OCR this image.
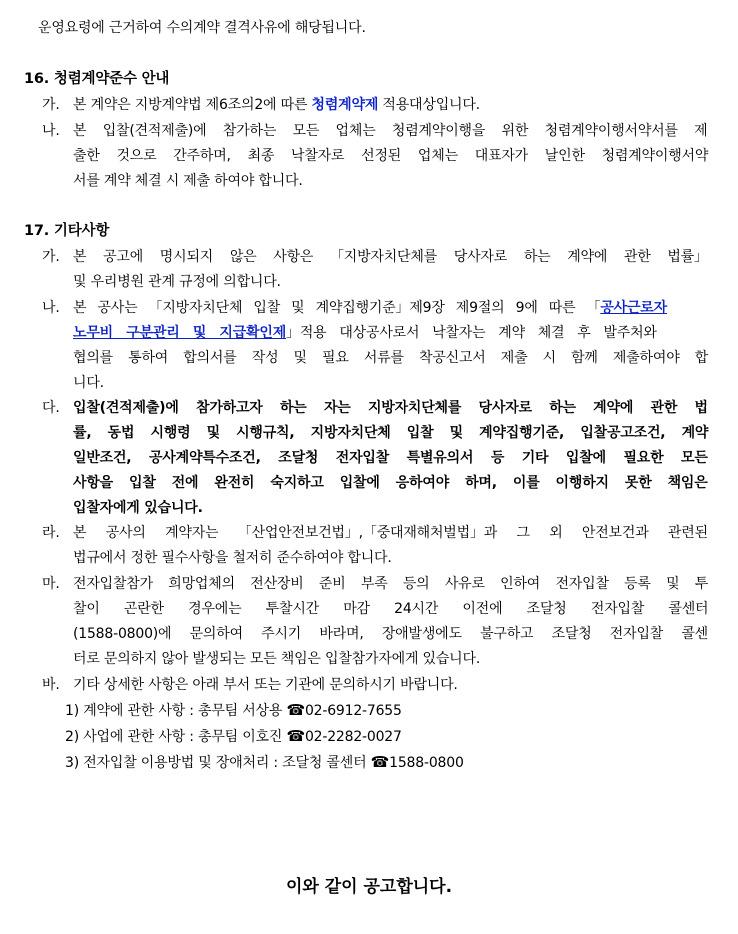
운영요령에 근거하여 수의계약 결격사유에 해당됩니다.
16. 청렴계약준수 안내
가. 본 계약은 지방계약법 제6조의2에 따른 청렴계약제 적용대상입니다.
나. 본 입찰(견적제출)에 참가하는 모든 업체는 청렴계약이행을 위한 청렴계약이행서약서를 제
출한 것으로 간주하며, 최종 낙찰자로 선정된 업체는 대표자가 날인한 청렴계약이행서약
서를 계약 체결 시 제출 하여야 합니다.
17. 기타사항
가. 본 공고에 명시되지 않은 사항은 「지방자치단체를 당사자로 하는 계약에 관한 법률」
및 우리병원 관계 규정에 의합니다.
나. 본 공사는 「지방자치단체 입찰 및 계약집행기준」제9장 제9절의 9에 따른 「공사근로자
노무비 구분관리 및 지급확인제」적용 대상공사로서 낙찰자는 계약 체결 후 발주처와
협의를 통하여 합의서를 작성 및 필요 서류를 착공신고서 제출 시 함께 제출하여야 합
니다.
다. 입찰(견적제출)에 참가하고자 하는 자는 지방자치단체를 당사자로 하는 계약에 관한 법
률, 동법 시행령 및 시행규칙, 지방자치단체 입찰 및 계약집행기준, 입찰공고조건, 계약
일반조건, 공사계약특수조건, 조달청 전자입찰 특별유의서 등 기타 입찰에 필요한 모든
사항을 입찰 전에 완전히 숙지하고 입찰에 응하여야 하며, 이를 이행하지 못한 책임은
입찰자에게 있습니다.
라. 본 공사의 계약자는 「산업안전보건법」,「중대재해처벌법」과 그 외 안전보건과 관련된
법규에서 정한 필수사항을 철저히 준수하여야 합니다.
마. 전자입찰참가 희망업체의 전산장비 준비 부족 등의 사유로 인하여 전자입찰 등록 및 투
찰이 곤란한 경우에는 투찰시간 마감 24시간 이전에 조달청 전자입찰 콜센터
(1588-0800)에 문의하여 주시기 바라며, 장애발생에도 불구하고 조달청 전자입찰 콜센
터로 문의하지 않아 발생되는 모든 책임은 입찰참가자에게 있습니다.
바. 기타 상세한 사항은 아래 부서 또는 기관에 문의하시기 바랍니다.
1) 계약에 관한 사항 : 총무팀 서상용 ☎02-6912-7655
2) 사업에 관한 사항 : 총무팀 이호진 ☎02-2282-0027
3) 전자입찰 이용방법 및 장애처리 : 조달청 콜센터 ☎1588-0800
이와 같이 공고합니다.
